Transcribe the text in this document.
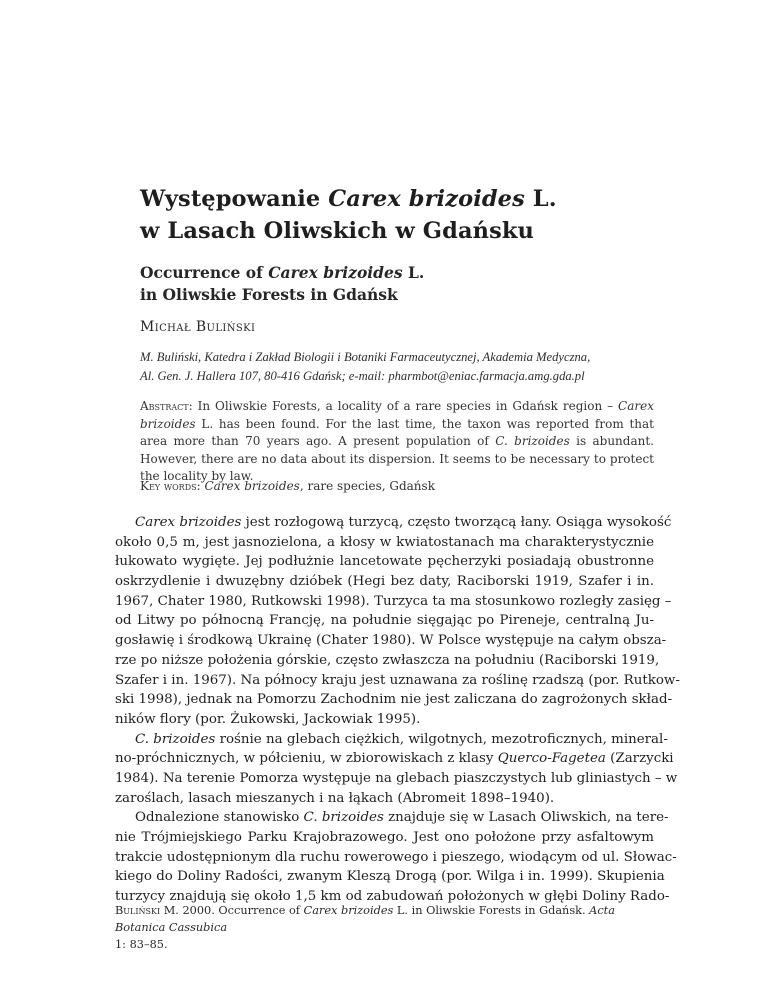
Występowanie Carex brizoides L.
w Lasach Oliwskich w Gdańsku
Occurrence of Carex brizoides L.
in Oliwskie Forests in Gdańsk
Michał Buliński
M. Buliński, Katedra i Zakład Biologii i Botaniki Farmaceutycznej, Akademia Medyczna,
Al. Gen. J. Hallera 107, 80-416 Gdańsk; e-mail: pharmbot@eniac.farmacja.amg.gda.pl
Abstract: In Oliwskie Forests, a locality of a rare species in Gdańsk region – Carex brizoides L. has been found. For the last time, the taxon was reported from that area more than 70 years ago. A present population of C. brizoides is abundant. However, there are no data about its dispersion. It seems to be necessary to protect the locality by law.
Key words: Carex brizoides, rare species, Gdańsk
Carex brizoides jest rozłogową turzycą, często tworzącą łany. Osiąga wysokość
około 0,5 m, jest jasnozielona, a kłosy w kwiatostanach ma charakterystycznie
łukowato wygięte. Jej podłużnie lancetowate pęcherzyki posiadają obustronne
oskrzydlenie i dwuzębny dzióbek (Hegi bez daty, Raciborski 1919, Szafer i in.
1967, Chater 1980, Rutkowski 1998). Turzyca ta ma stosunkowo rozległy zasięg –
od Litwy po północną Francję, na południe sięgając po Pireneje, centralną Ju-
gosławię i środkową Ukrainę (Chater 1980). W Polsce występuje na całym obsza-
rze po niższe położenia górskie, często zwłaszcza na południu (Raciborski 1919,
Szafer i in. 1967). Na północy kraju jest uznawana za roślinę rzadszą (por. Rutkow-
ski 1998), jednak na Pomorzu Zachodnim nie jest zaliczana do zagrożonych skład-
ników flory (por. Żukowski, Jackowiak 1995).
C. brizoides rośnie na glebach ciężkich, wilgotnych, mezotroficznych, mineral-
no-próchnicznych, w półcieniu, w zbiorowiskach z klasy Querco-Fagetea (Zarzycki
1984). Na terenie Pomorza występuje na glebach piaszczystych lub gliniastych – w
zaroślach, lasach mieszanych i na łąkach (Abromeit 1898–1940).
Odnalezione stanowisko C. brizoides znajduje się w Lasach Oliwskich, na tere-
nie Trójmiejskiego Parku Krajobrazowego. Jest ono położone przy asfaltowym
trakcie udostępnionym dla ruchu rowerowego i pieszego, wiodącym od ul. Słowac-
kiego do Doliny Radości, zwanym Kleszą Drogą (por. Wilga i in. 1999). Skupienia
turzycy znajdują się około 1,5 km od zabudowań położonych w głębi Doliny Rado-
Buliński M. 2000. Occurrence of Carex brizoides L. in Oliwskie Forests in Gdańsk. Acta Botanica Cassubica
1: 83–85.
